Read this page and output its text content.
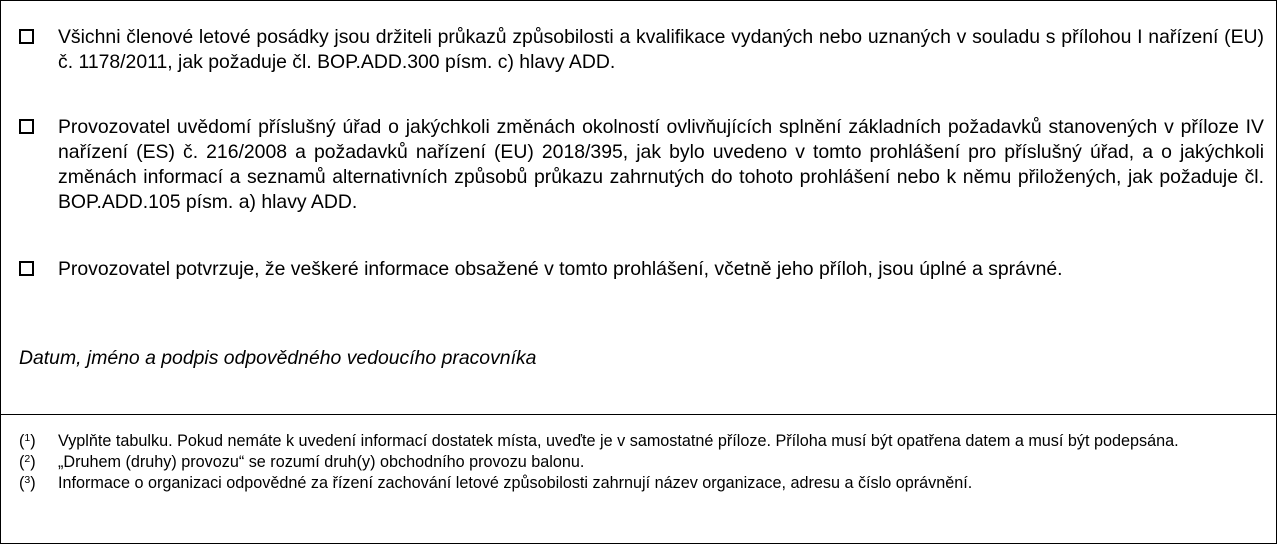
Všichni členové letové posádky jsou držiteli průkazů způsobilosti a kvalifikace vydaných nebo uznaných v souladu s přílohou I nařízení (EU) č. 1178/2011, jak požaduje čl. BOP.ADD.300 písm. c) hlavy ADD.
Provozovatel uvědomí příslušný úřad o jakýchkoli změnách okolností ovlivňujících splnění základních požadavků stanovených v příloze IV nařízení (ES) č. 216/2008 a požadavků nařízení (EU) 2018/395, jak bylo uvedeno v tomto prohlášení pro příslušný úřad, a o jakýchkoli změnách informací a seznamů alternativních způsobů průkazu zahrnutých do tohoto prohlášení nebo k němu přiložených, jak požaduje čl. BOP.ADD.105 písm. a) hlavy ADD.
Provozovatel potvrzuje, že veškeré informace obsažené v tomto prohlášení, včetně jeho příloh, jsou úplné a správné.
Datum, jméno a podpis odpovědného vedoucího pracovníka
($^1$) Vyplňte tabulku. Pokud nemáte k uvedení informací dostatek místa, uveďte je v samostatné příloze. Příloha musí být opatřena datem a musí být podepsána.
($^2$) „Druhem (druhy) provozu“ se rozumí druh(y) obchodního provozu balonu.
($^3$) Informace o organizaci odpovědné za řízení zachování letové způsobilosti zahrnují název organizace, adresu a číslo oprávnění.
